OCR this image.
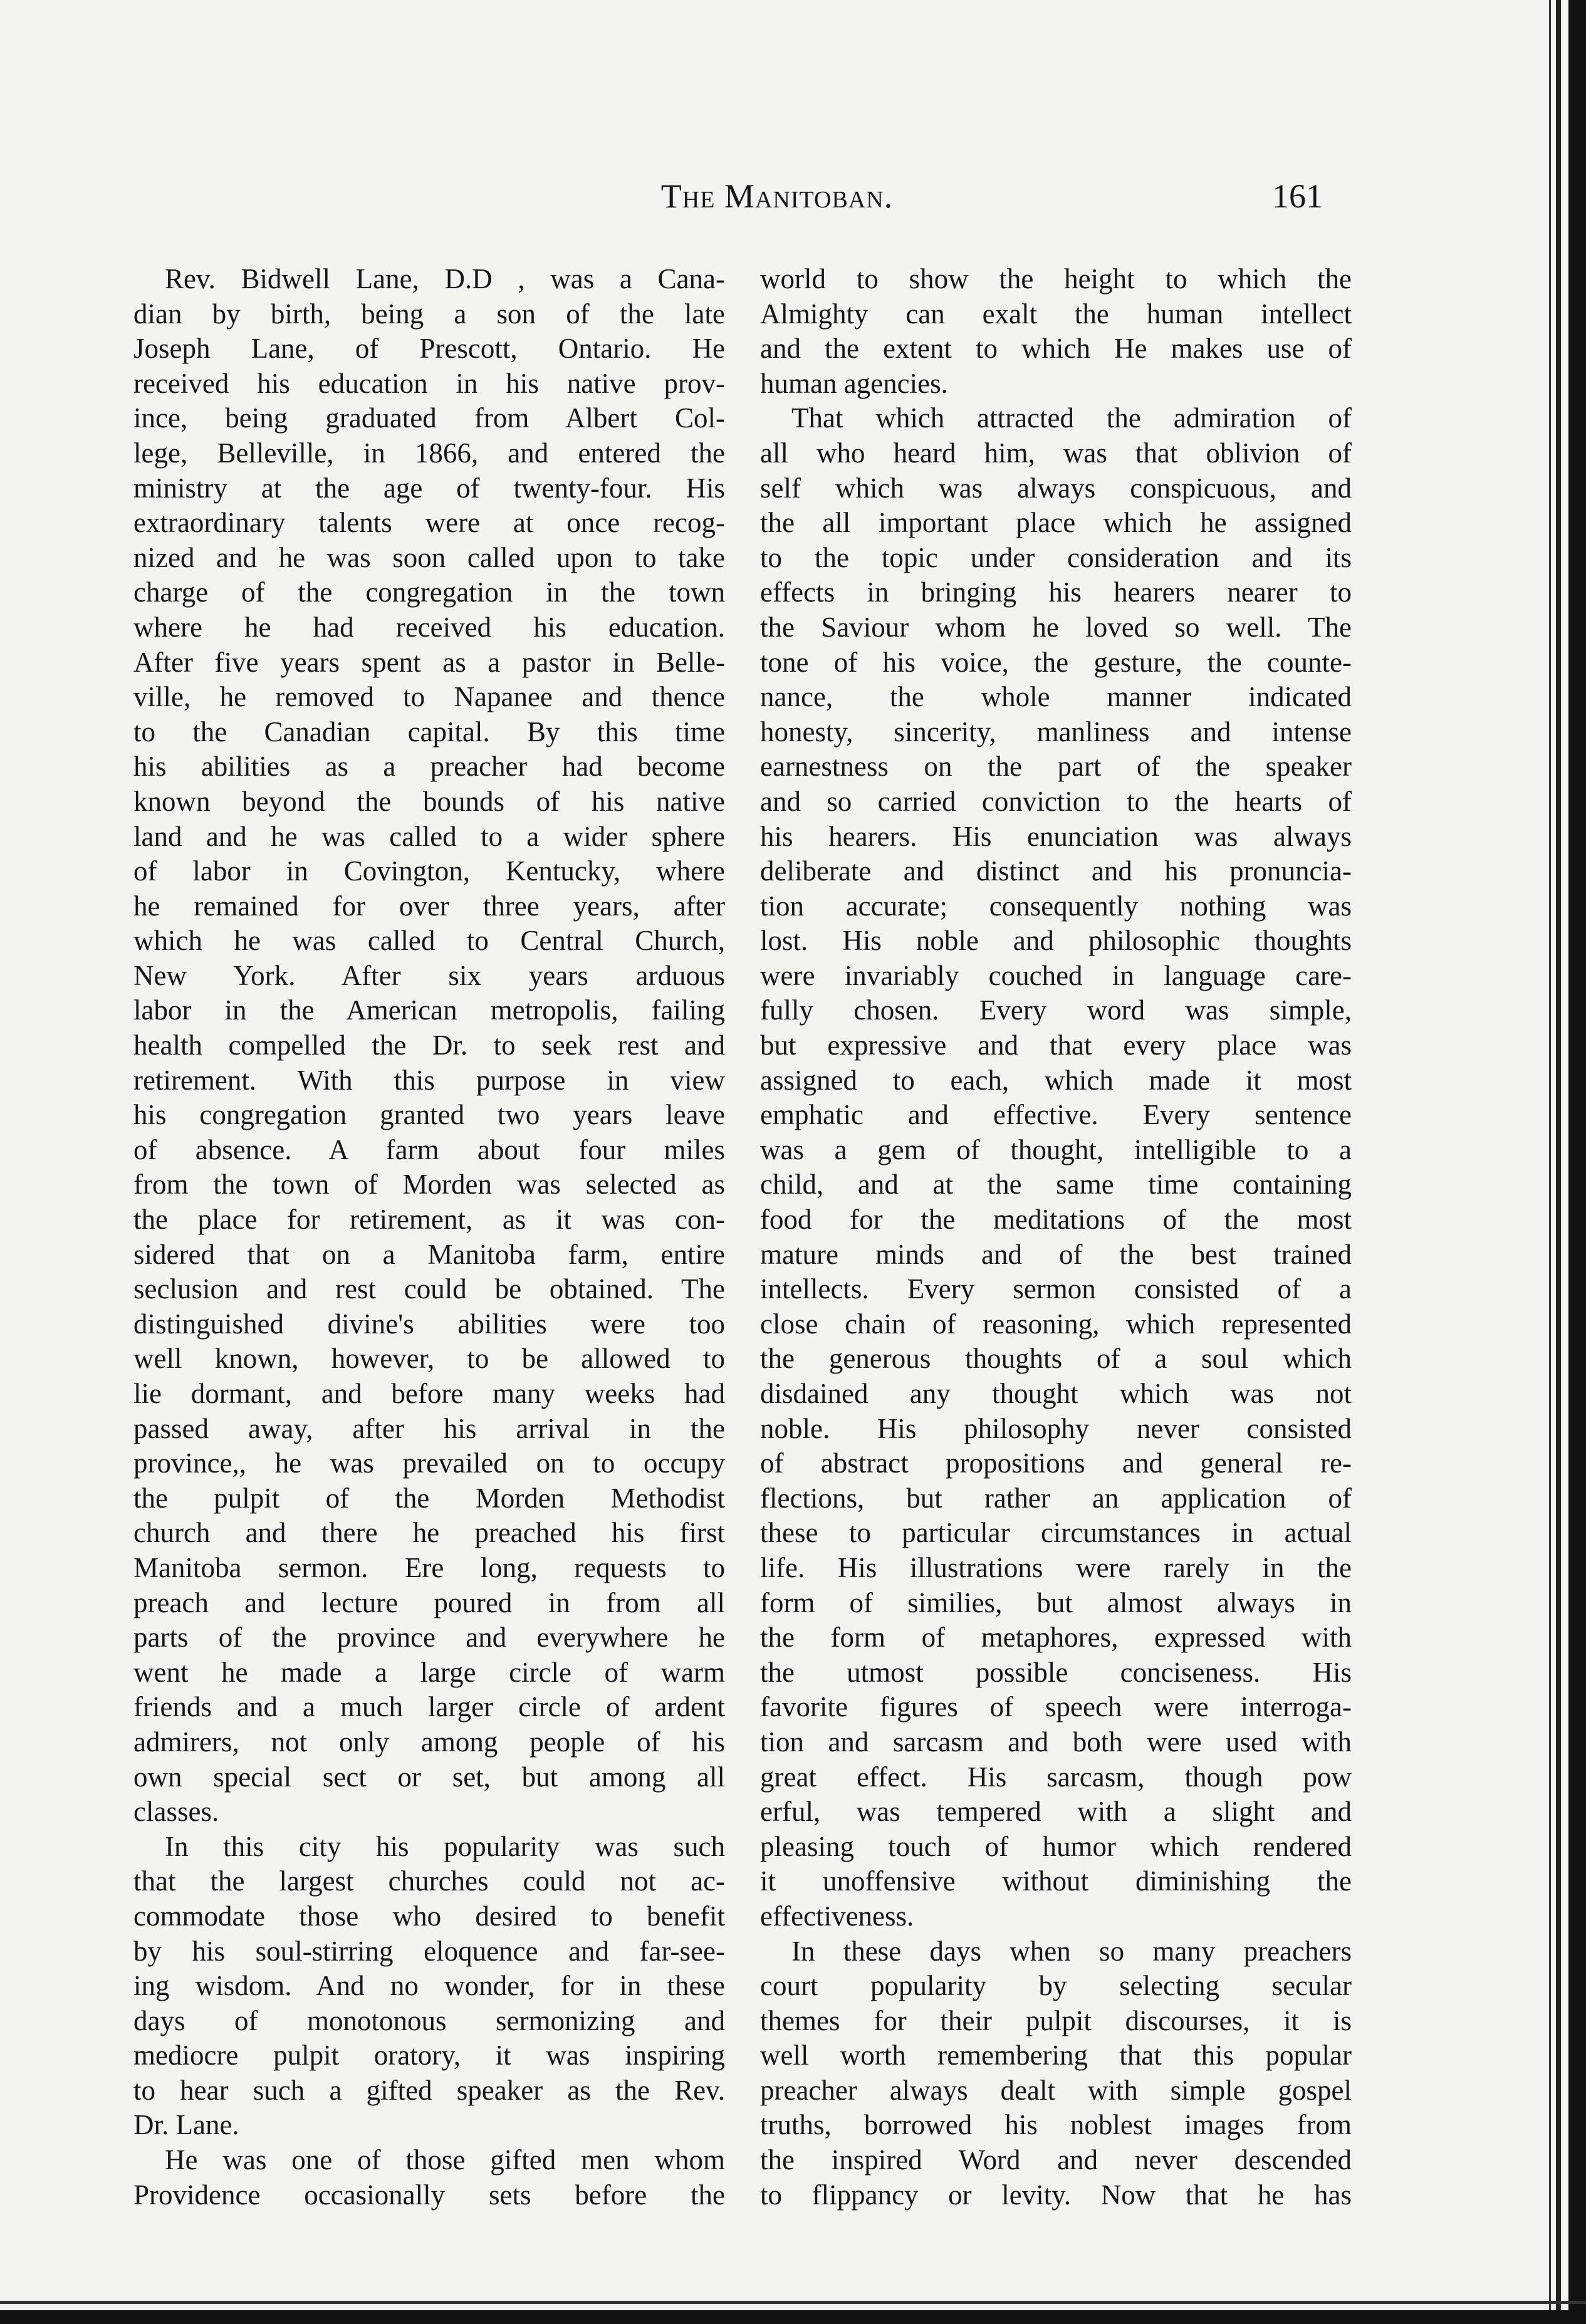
The Manitoban.	161
Rev. Bidwell Lane, D.D , was a Cana-
dian by birth, being a son of the late
Joseph Lane, of Prescott, Ontario. He
received his education in his native prov-
ince, being graduated from Albert Col-
lege, Belleville, in 1866, and entered the
ministry at the age of twenty-four. His
extraordinary talents were at once recog-
nized and he was soon called upon to take
charge of the congregation in the town
where he had received his education.
After five years spent as a pastor in Belle-
ville, he removed to Napanee and thence
to the Canadian capital. By this time
his abilities as a preacher had become
known beyond the bounds of his native
land and he was called to a wider sphere
of labor in Covington, Kentucky, where
he remained for over three years, after
which he was called to Central Church,
New York. After six years arduous
labor in the American metropolis, failing
health compelled the Dr. to seek rest and
retirement. With this purpose in view
his congregation granted two years leave
of absence. A farm about four miles
from the town of Morden was selected as
the place for retirement, as it was con-
sidered that on a Manitoba farm, entire
seclusion and rest could be obtained. The
distinguished divine's abilities were too
well known, however, to be allowed to
lie dormant, and before many weeks had
passed away, after his arrival in the
province,, he was prevailed on to occupy
the pulpit of the Morden Methodist
church and there he preached his first
Manitoba sermon. Ere long, requests to
preach and lecture poured in from all
parts of the province and everywhere he
went he made a large circle of warm
friends and a much larger circle of ardent
admirers, not only among people of his
own special sect or set, but among all
classes.
In this city his popularity was such
that the largest churches could not ac-
commodate those who desired to benefit
by his soul-stirring eloquence and far-see-
ing wisdom. And no wonder, for in these
days of monotonous sermonizing and
mediocre pulpit oratory, it was inspiring
to hear such a gifted speaker as the Rev.
Dr. Lane.
He was one of those gifted men whom
Providence occasionally sets before the
world to show the height to which the
Almighty can exalt the human intellect
and the extent to which He makes use of
human agencies.
That which attracted the admiration of
all who heard him, was that oblivion of
self which was always conspicuous, and
the all important place which he assigned
to the topic under consideration and its
effects in bringing his hearers nearer to
the Saviour whom he loved so well. The
tone of his voice, the gesture, the counte-
nance, the whole manner indicated
honesty, sincerity, manliness and intense
earnestness on the part of the speaker
and so carried conviction to the hearts of
his hearers. His enunciation was always
deliberate and distinct and his pronuncia-
tion accurate; consequently nothing was
lost. His noble and philosophic thoughts
were invariably couched in language care-
fully chosen. Every word was simple,
but expressive and that every place was
assigned to each, which made it most
emphatic and effective. Every sentence
was a gem of thought, intelligible to a
child, and at the same time containing
food for the meditations of the most
mature minds and of the best trained
intellects. Every sermon consisted of a
close chain of reasoning, which represented
the generous thoughts of a soul which
disdained any thought which was not
noble. His philosophy never consisted
of abstract propositions and general re-
flections, but rather an application of
these to particular circumstances in actual
life. His illustrations were rarely in the
form of similies, but almost always in
the form of metaphores, expressed with
the utmost possible conciseness. His
favorite figures of speech were interroga-
tion and sarcasm and both were used with
great effect. His sarcasm, though pow
erful, was tempered with a slight and
pleasing touch of humor which rendered
it unoffensive without diminishing the
effectiveness.
In these days when so many preachers
court popularity by selecting secular
themes for their pulpit discourses, it is
well worth remembering that this popular
preacher always dealt with simple gospel
truths, borrowed his noblest images from
the inspired Word and never descended
to flippancy or levity. Now that he has
